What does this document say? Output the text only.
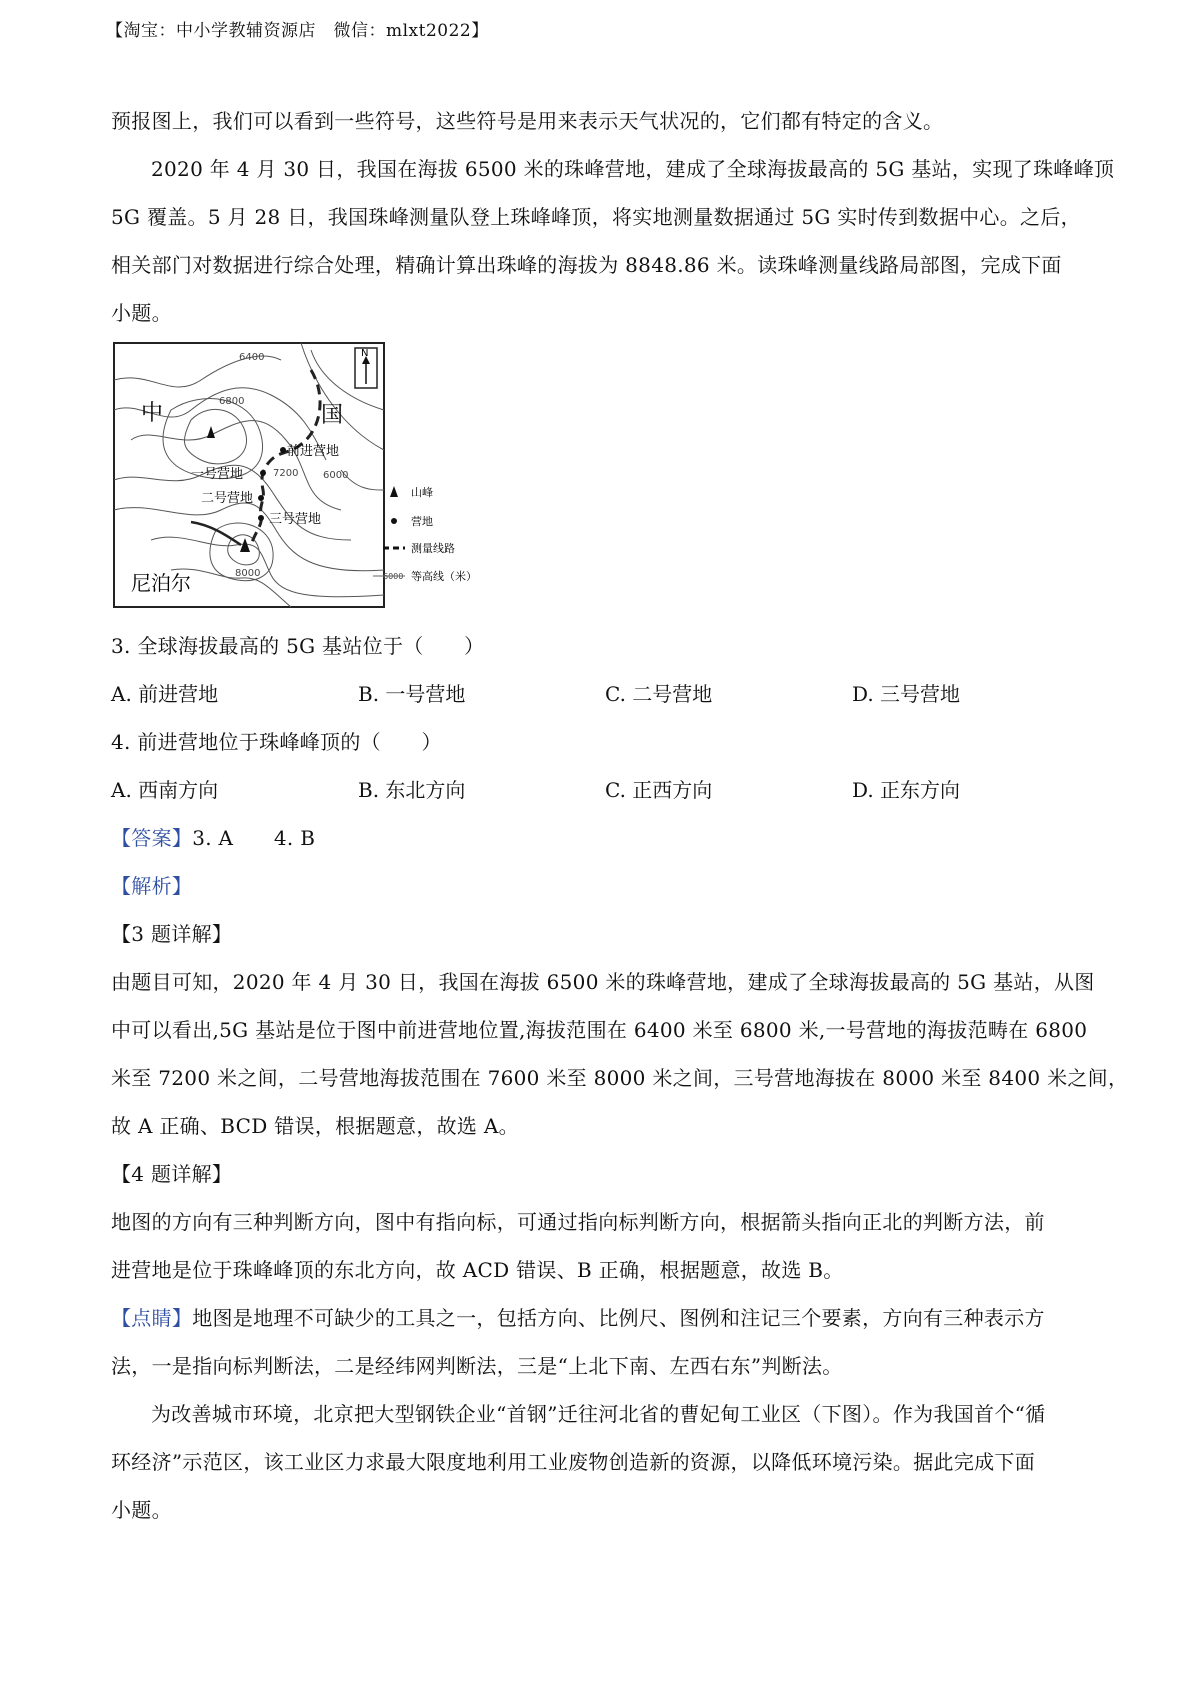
【淘宝：中小学教辅资源店　微信：mlxt2022】
预报图上，我们可以看到一些符号，这些符号是用来表示天气状况的，它们都有特定的含义。
2020 年 4 月 30 日，我国在海拔 6500 米的珠峰营地，建成了全球海拔最高的 5G 基站，实现了珠峰峰顶
5G 覆盖。5 月 28 日，我国珠峰测量队登上珠峰峰顶，将实地测量数据通过 5G 实时传到数据中心。之后，
相关部门对数据进行综合处理，精确计算出珠峰的海拔为 8848.86 米。读珠峰测量线路局部图，完成下面
小题。
N
中	国
尼泊尔
前进营地
一号营地
二号营地
三号营地
6400
6800
7200 6000
8000
山峰
营地
测量线路
6000 等高线（米）
3. 全球海拔最高的 5G 基站位于（　　）
A. 前进营地	B. 一号营地	C. 二号营地	D. 三号营地
4. 前进营地位于珠峰峰顶的（　　）
A. 西南方向	B. 东北方向	C. 正西方向	D. 正东方向
【答案】3. A　　4. B
【解析】
【3 题详解】
由题目可知，2020 年 4 月 30 日，我国在海拔 6500 米的珠峰营地，建成了全球海拔最高的 5G 基站，从图
中可以看出,5G 基站是位于图中前进营地位置,海拔范围在 6400 米至 6800 米,一号营地的海拔范畴在 6800
米至 7200 米之间，二号营地海拔范围在 7600 米至 8000 米之间，三号营地海拔在 8000 米至 8400 米之间，
故 A 正确、BCD 错误，根据题意，故选 A。
【4 题详解】
地图的方向有三种判断方向，图中有指向标，可通过指向标判断方向，根据箭头指向正北的判断方法，前
进营地是位于珠峰峰顶的东北方向，故 ACD 错误、B 正确，根据题意，故选 B。
【点睛】地图是地理不可缺少的工具之一，包括方向、比例尺、图例和注记三个要素，方向有三种表示方
法，一是指向标判断法，二是经纬网判断法，三是“上北下南、左西右东”判断法。
为改善城市环境，北京把大型钢铁企业“首钢”迁往河北省的曹妃甸工业区（下图）。作为我国首个“循
环经济”示范区，该工业区力求最大限度地利用工业废物创造新的资源，以降低环境污染。据此完成下面
小题。
